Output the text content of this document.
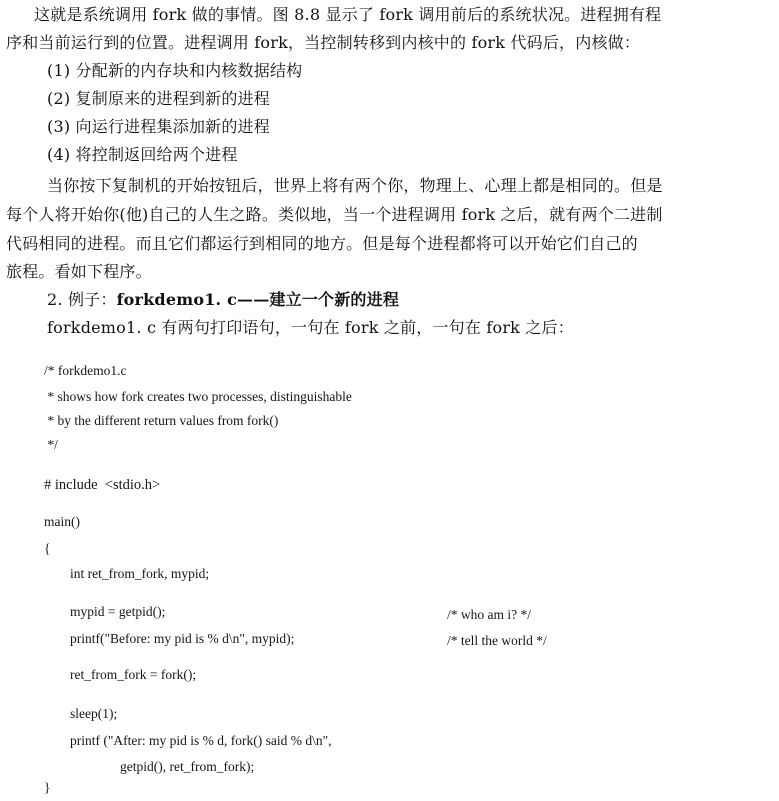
这就是系统调用 fork 做的事情。图 8.8 显示了 fork 调用前后的系统状况。进程拥有程
序和当前运行到的位置。进程调用 fork，当控制转移到内核中的 fork 代码后，内核做：
(1) 分配新的内存块和内核数据结构
(2) 复制原来的进程到新的进程
(3) 向运行进程集添加新的进程
(4) 将控制返回给两个进程
当你按下复制机的开始按钮后，世界上将有两个你，物理上、心理上都是相同的。但是
每个人将开始你(他)自己的人生之路。类似地，当一个进程调用 fork 之后，就有两个二进制
代码相同的进程。而且它们都运行到相同的地方。但是每个进程都将可以开始它们自己的
旅程。看如下程序。
2. 例子：forkdemo1. c——建立一个新的进程
forkdemo1. c 有两句打印语句，一句在 fork 之前，一句在 fork 之后：
/* forkdemo1.c
* shows how fork creates two processes, distinguishable
* by the different return values from fork()
*/
# include  <stdio.h>
main()
{
int ret_from_fork, mypid;
mypid = getpid();	/* who am i? */
printf("Before: my pid is % d\n", mypid);	/* tell the world */
ret_from_fork = fork();
sleep(1);
printf ("After: my pid is % d, fork() said % d\n",
getpid(), ret_from_fork);
}
